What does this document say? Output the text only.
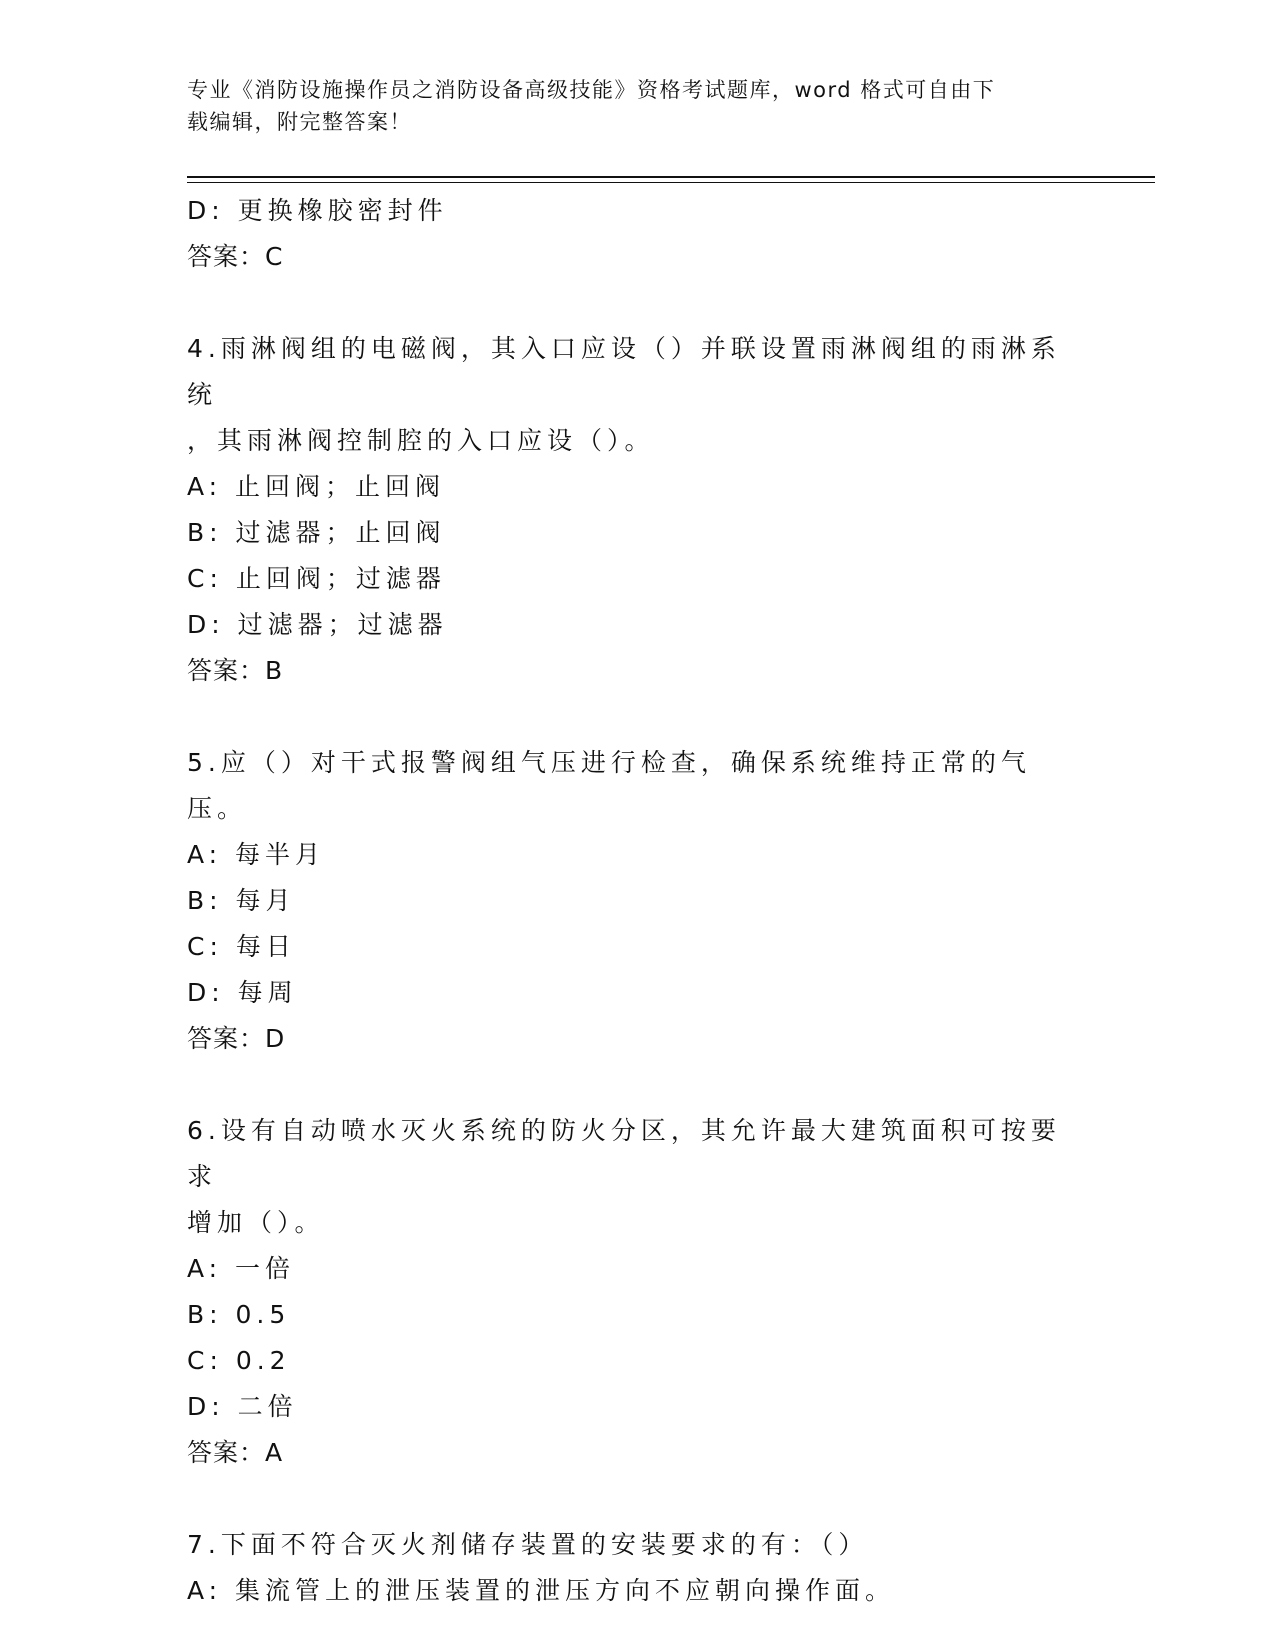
专业《消防设施操作员之消防设备高级技能》资格考试题库，word 格式可自由下
载编辑，附完整答案！
D: 更换橡胶密封件
答案：C
4.雨淋阀组的电磁阀，其入口应设（）并联设置雨淋阀组的雨淋系统
，其雨淋阀控制腔的入口应设（）。
A: 止回阀；止回阀
B: 过滤器；止回阀
C: 止回阀；过滤器
D: 过滤器；过滤器
答案：B
5.应（）对干式报警阀组气压进行检查，确保系统维持正常的气压。
A: 每半月
B: 每月
C: 每日
D: 每周
答案：D
6.设有自动喷水灭火系统的防火分区，其允许最大建筑面积可按要求
增加（）。
A: 一倍
B: 0.5
C: 0.2
D: 二倍
答案：A
7.下面不符合灭火剂储存装置的安装要求的有：（）
A: 集流管上的泄压装置的泄压方向不应朝向操作面。
